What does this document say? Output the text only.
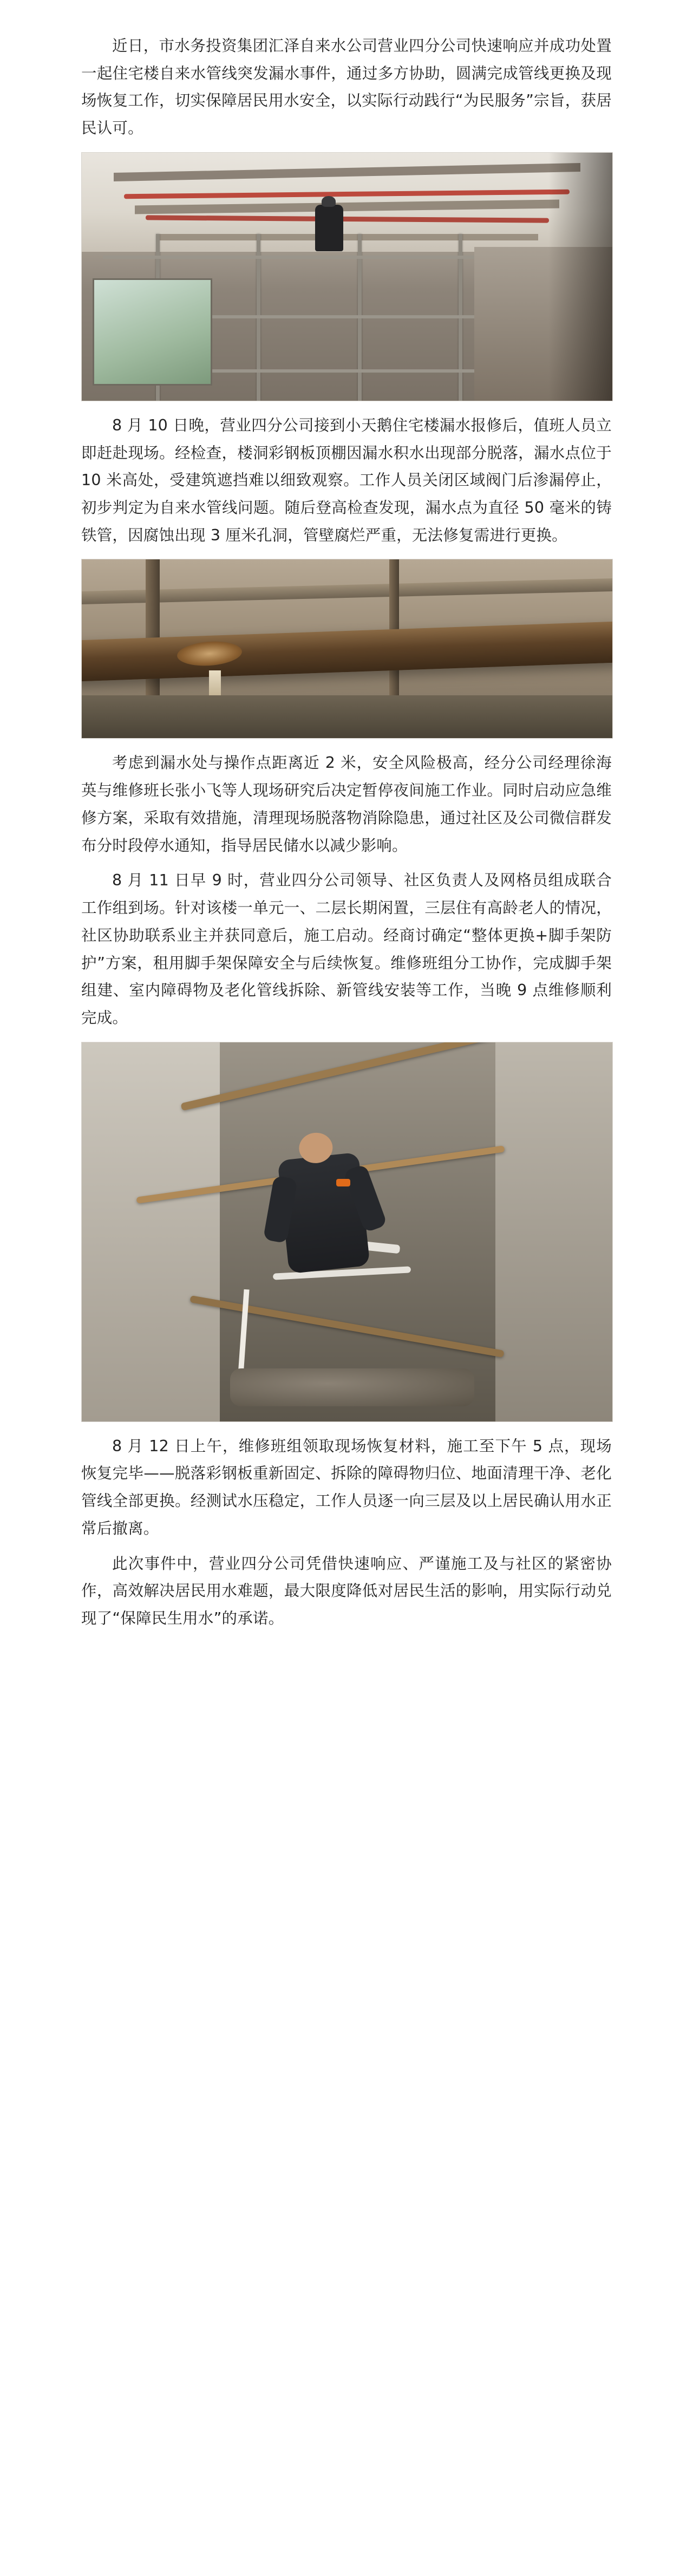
近日，市水务投资集团汇泽自来水公司营业四分公司快速响应并成功处置一起住宅楼自来水管线突发漏水事件，通过多方协助，圆满完成管线更换及现场恢复工作，切实保障居民用水安全，以实际行动践行“为民服务”宗旨，获居民认可。

8 月 10 日晚，营业四分公司接到小天鹅住宅楼漏水报修后，值班人员立即赶赴现场。经检查，楼洞彩钢板顶棚因漏水积水出现部分脱落，漏水点位于 10 米高处，受建筑遮挡难以细致观察。工作人员关闭区域阀门后渗漏停止，初步判定为自来水管线问题。随后登高检查发现，漏水点为直径 50 毫米的铸铁管，因腐蚀出现 3 厘米孔洞，管壁腐烂严重，无法修复需进行更换。

考虑到漏水处与操作点距离近 2 米，安全风险极高，经分公司经理徐海英与维修班长张小飞等人现场研究后决定暂停夜间施工作业。同时启动应急维修方案，采取有效措施，清理现场脱落物消除隐患，通过社区及公司微信群发布分时段停水通知，指导居民储水以减少影响。

8 月 11 日早 9 时，营业四分公司领导、社区负责人及网格员组成联合工作组到场。针对该楼一单元一、二层长期闲置，三层住有高龄老人的情况，社区协助联系业主并获同意后，施工启动。经商讨确定“整体更换+脚手架防护”方案，租用脚手架保障安全与后续恢复。维修班组分工协作，完成脚手架组建、室内障碍物及老化管线拆除、新管线安装等工作，当晚 9 点维修顺利完成。

8 月 12 日上午，维修班组领取现场恢复材料，施工至下午 5 点，现场恢复完毕——脱落彩钢板重新固定、拆除的障碍物归位、地面清理干净、老化管线全部更换。经测试水压稳定，工作人员逐一向三层及以上居民确认用水正常后撤离。

此次事件中，营业四分公司凭借快速响应、严谨施工及与社区的紧密协作，高效解决居民用水难题，最大限度降低对居民生活的影响，用实际行动兑现了“保障民生用水”的承诺。
